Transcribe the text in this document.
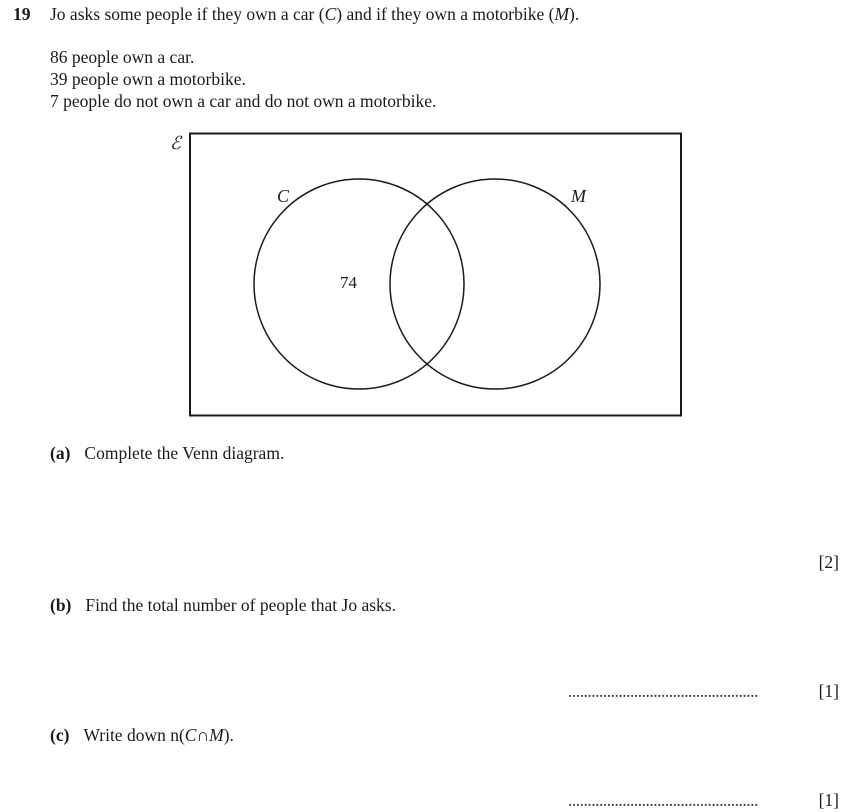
19 Jo asks some people if they own a car (C) and if they own a motorbike (M).
86 people own a car.
39 people own a motorbike.
7 people do not own a car and do not own a motorbike.
ℰ
C	M
74
(a) Complete the Venn diagram.
[2]
(b) Find the total number of people that Jo asks.
.................................................	[1]
(c) Write down n(C∩M).
.................................................	[1]
